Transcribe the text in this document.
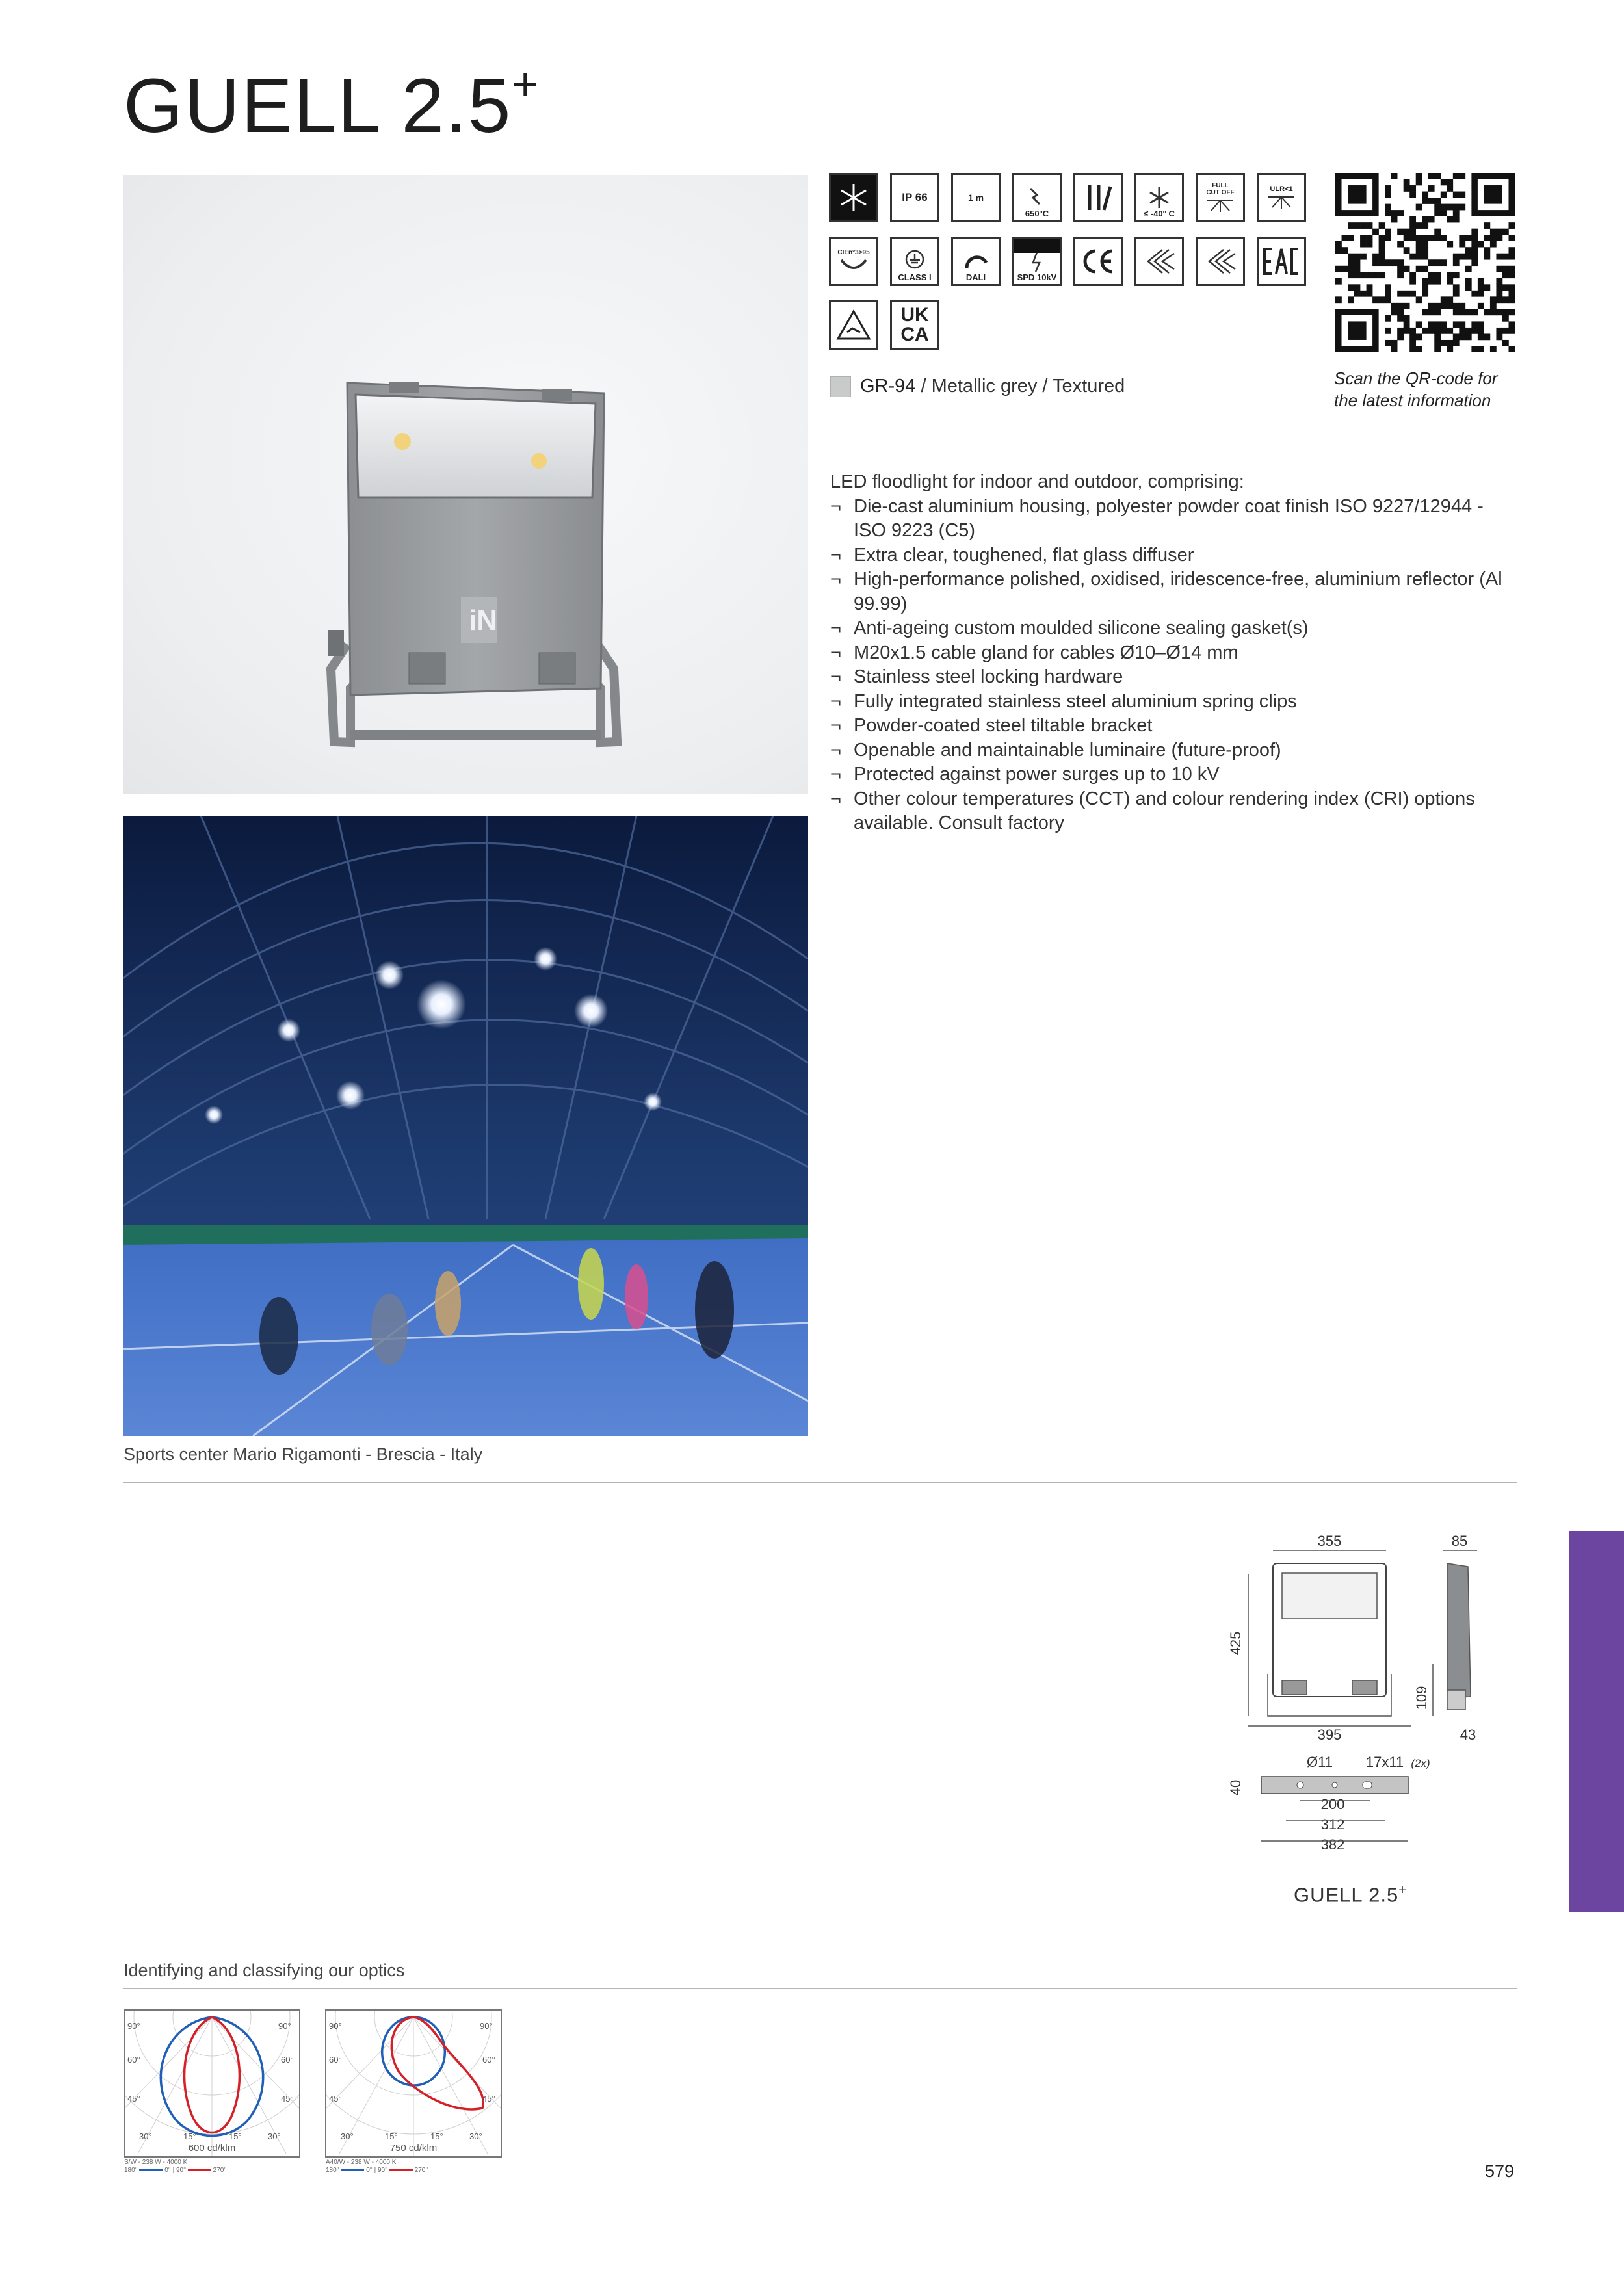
GUELL 2.5+
iN
Sports center Mario Rigamonti - Brescia - Italy
IP 66	1 m
650°C	≤ -40° C
FULL CUT OFF	ULR<1
CIEn°3>95
CLASS I	DALI	SPD 10kV
UK
CA
Scan the QR-code for
the latest information
GR-94 / Metallic grey / Textured
LED floodlight for indoor and outdoor, comprising:
¬ Die-cast aluminium housing, polyester powder coat finish ISO 9227/12944 - ISO 9223 (C5)
¬ Extra clear, toughened, flat glass diffuser
¬ High-performance polished, oxidised, iridescence-free, aluminium reflector (Al 99.99)
¬ Anti-ageing custom moulded silicone sealing gasket(s)
¬ M20x1.5 cable gland for cables Ø10–Ø14 mm
¬ Stainless steel locking hardware
¬ Fully integrated stainless steel aluminium spring clips
¬ Powder-coated steel tiltable bracket
¬ Openable and maintainable luminaire (future-proof)
¬ Protected against power surges up to 10 kV
¬ Other colour temperatures (CCT) and colour rendering index (CRI) options available. Consult factory
355	85
425
395
109
43
Ø11 17x11 (2x)
40
200
312
382
GUELL 2.5+
Identifying and classifying our optics
90°	90°
60°	60°
45°	45°
30°	30°
15°	15°
600 cd/klm
S/W - 238 W - 4000 K
180°	0° | 90°	270°
90°	90°
60°	60°
45°	45°
30°	30°
15°	15°
750 cd/klm
A40/W - 238 W - 4000 K
180°	0° | 90°	270°	579
